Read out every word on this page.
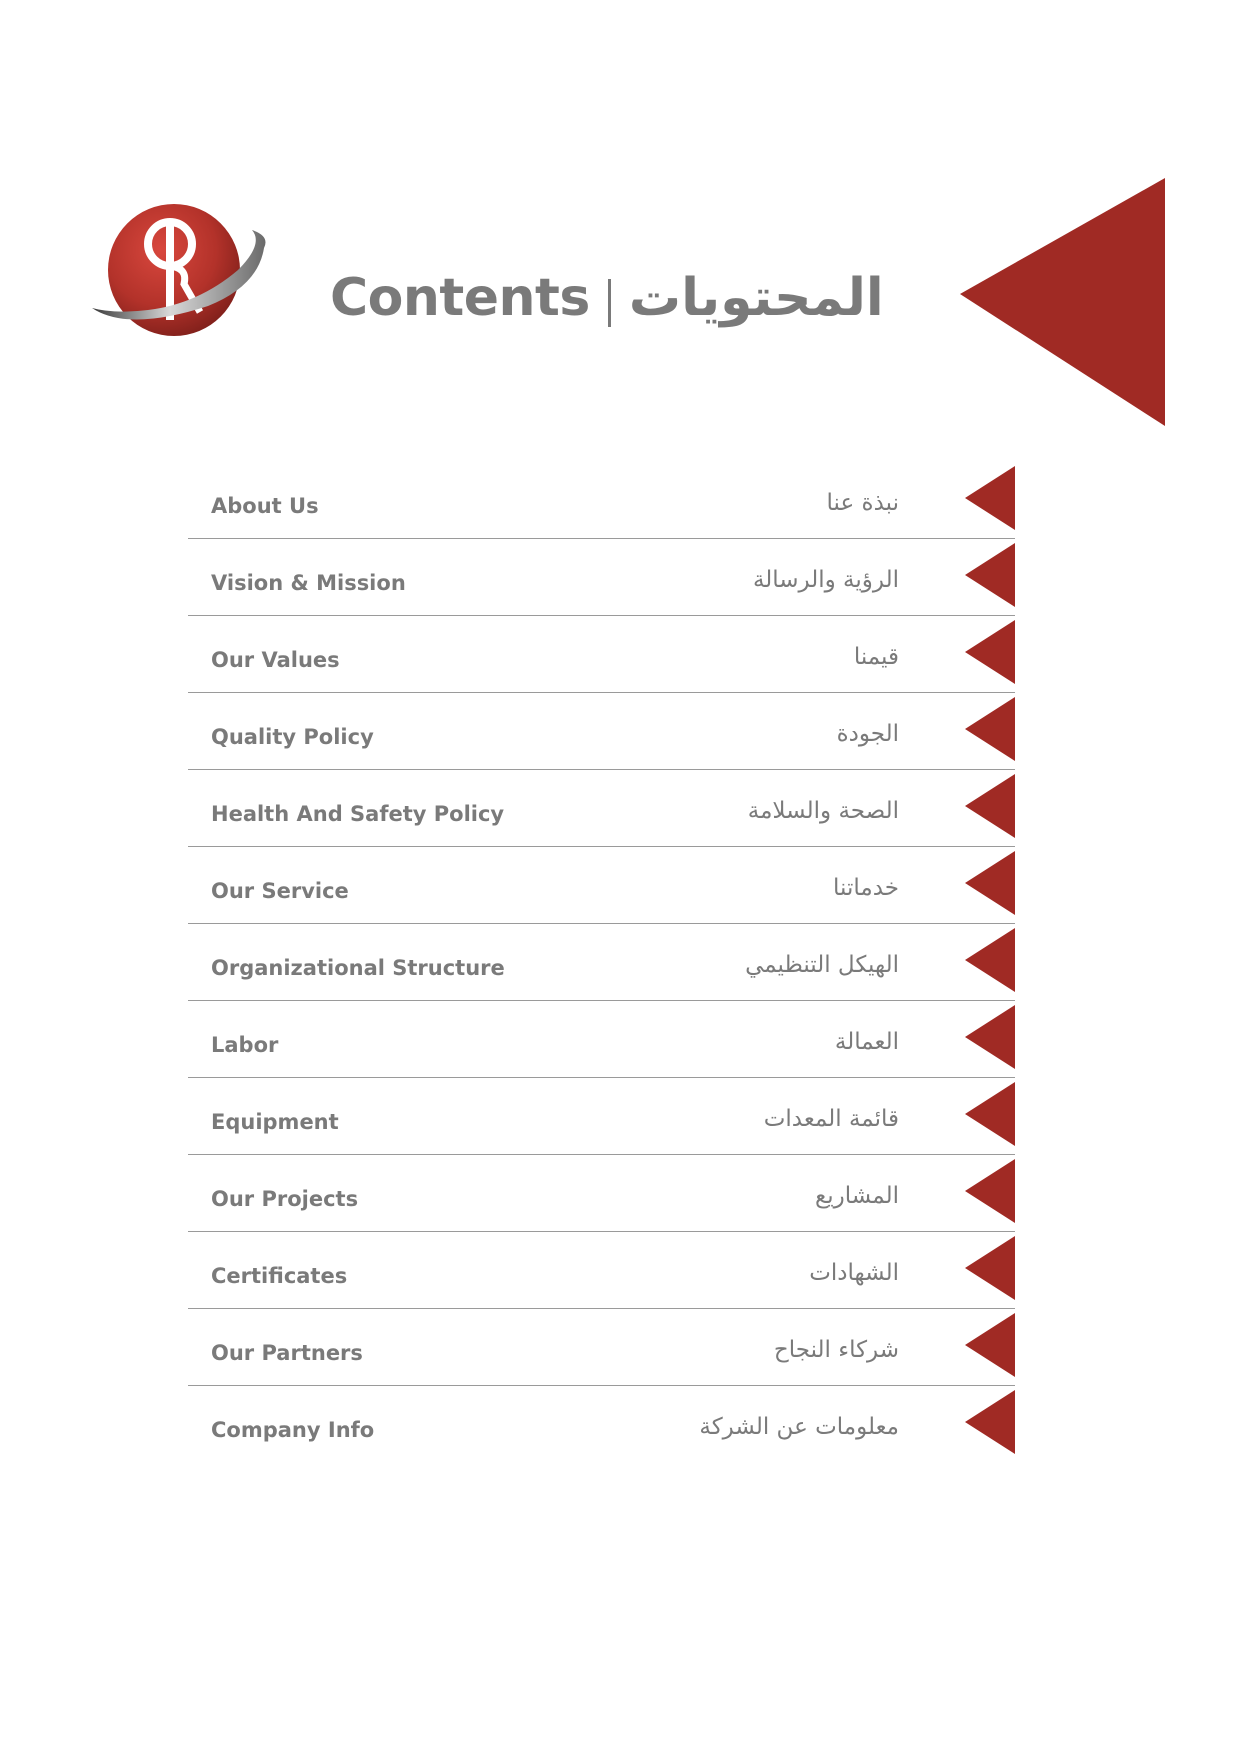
Contents المحتويات
About Us	نبذة عنا
Vision & Mission	الرؤية والرسالة
Our Values	قيمنا
Quality Policy	الجودة
Health And Safety Policy	الصحة والسلامة
Our Service	خدماتنا
Organizational Structure	الهيكل التنظيمي
Labor	العمالة
Equipment	قائمة المعدات
Our Projects	المشاريع
Certificates	الشهادات
Our Partners	شركاء النجاح
Company Info	معلومات عن الشركة
